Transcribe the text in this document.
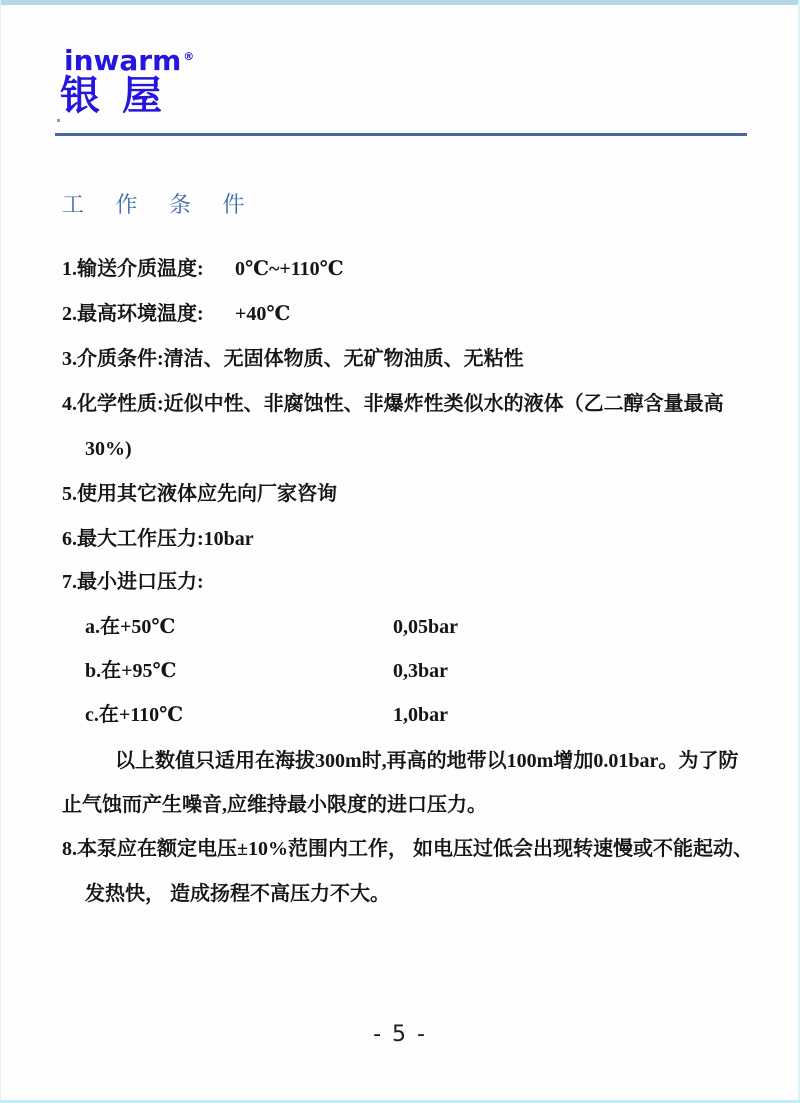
inwarm ®
银屋
工 作 条 件
1.输送介质温度: 0℃~+110℃
2.最高环境温度: +40℃
3.介质条件:清洁、无固体物质、无矿物油质、无粘性
4.化学性质:近似中性、非腐蚀性、非爆炸性类似水的液体（乙二醇含量最高
30%)
5.使用其它液体应先向厂家咨询
6.最大工作压力:10bar
7.最小进口压力:
a.在+50℃	0,05bar
b.在+95℃	0,3bar
c.在+110℃	1,0bar
以上数值只适用在海拔300m时,再高的地带以100m增加0.01bar。为了防
止气蚀而产生噪音,应维持最小限度的进口压力。
8.本泵应在额定电压±10%范围内工作， 如电压过低会出现转速慢或不能起动、
发热快， 造成扬程不高压力不大。
- 5 -
